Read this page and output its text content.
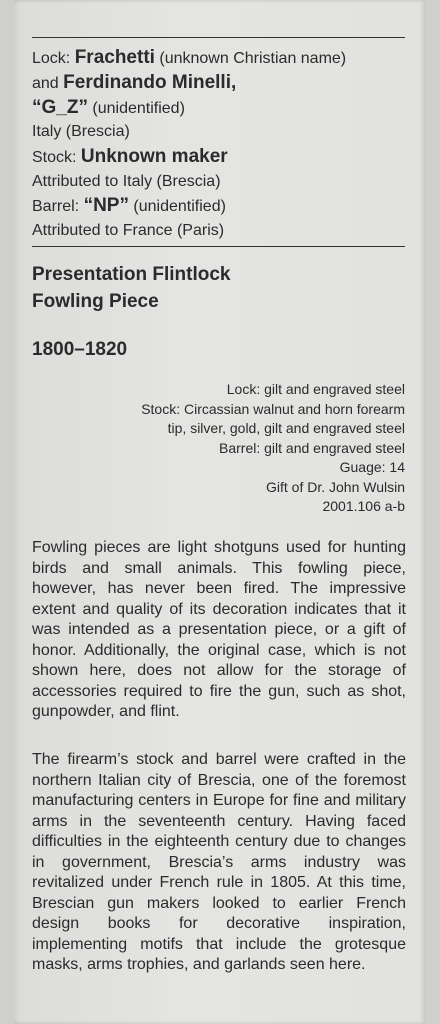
Lock: Frachetti (unknown Christian name)
and Ferdinando Minelli,
“G_Z” (unidentified)
Italy (Brescia)
Stock: Unknown maker
Attributed to Italy (Brescia)
Barrel: “NP” (unidentified)
Attributed to France (Paris)
Presentation Flintlock
Fowling Piece
1800–1820
Lock: gilt and engraved steel
Stock: Circassian walnut and horn forearm
tip, silver, gold, gilt and engraved steel
Barrel: gilt and engraved steel
Guage: 14
Gift of Dr. John Wulsin
2001.106 a-b
Fowling pieces are light shotguns used for hunting birds and small animals. This fowling piece, however, has never been fired. The impressive extent and quality of its decoration indicates that it was intended as a presentation piece, or a gift of honor. Additionally, the original case, which is not shown here, does not allow for the storage of accessories required to fire the gun, such as shot, gunpowder, and flint.
The firearm’s stock and barrel were crafted in the northern Italian city of Brescia, one of the foremost manufacturing centers in Europe for fine and military arms in the seventeenth century. Having faced difficulties in the eighteenth century due to changes in government, Brescia’s arms industry was revitalized under French rule in 1805. At this time, Brescian gun makers looked to earlier French design books for decorative inspiration, implementing motifs that include the grotesque masks, arms trophies, and garlands seen here.
